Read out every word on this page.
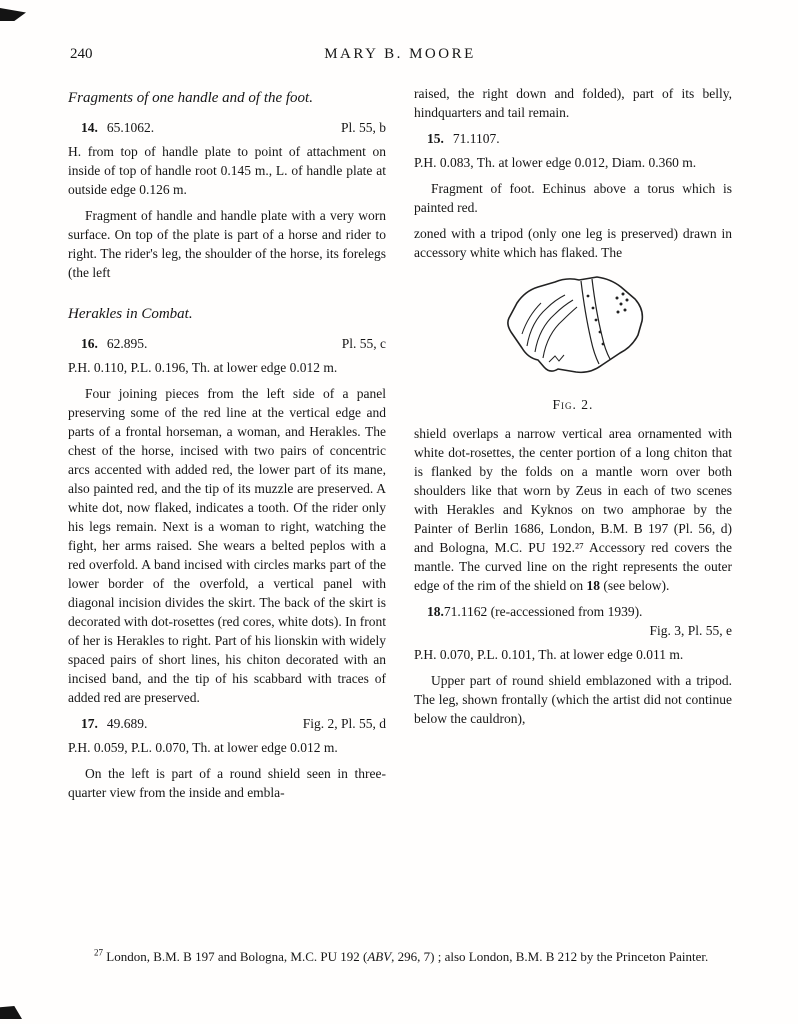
240	MARY B. MOORE
Fragments of one handle and of the foot.
14. 65.1062.	Pl. 55, b

H. from top of handle plate to point of attachment on inside of top of handle root 0.145 m., L. of handle plate at outside edge 0.126 m.

Fragment of handle and handle plate with a very worn surface. On top of the plate is part of a horse and rider to right. The rider's leg, the shoulder of the horse, its forelegs (the left

Herakles in Combat.
16. 62.895.	Pl. 55, c

P.H. 0.110, P.L. 0.196, Th. at lower edge 0.012 m.

Four joining pieces from the left side of a panel preserving some of the red line at the vertical edge and parts of a frontal horseman, a woman, and Herakles. The chest of the horse, incised with two pairs of concentric arcs accented with added red, the lower part of its mane, also painted red, and the tip of its muzzle are preserved. A white dot, now flaked, indicates a tooth. Of the rider only his legs remain. Next is a woman to right, watching the fight, her arms raised. She wears a belted peplos with a red overfold. A band incised with circles marks part of the lower border of the overfold, a vertical panel with diagonal incision divides the skirt. The back of the skirt is decorated with dot-rosettes (red cores, white dots). In front of her is Herakles to right. Part of his lionskin with widely spaced pairs of short lines, his chiton decorated with an incised band, and the tip of his scabbard with traces of added red are preserved.

17. 49.689.	Fig. 2, Pl. 55, d

P.H. 0.059, P.L. 0.070, Th. at lower edge 0.012 m.

On the left is part of a round shield seen in three-quarter view from the inside and embla-

raised, the right down and folded), part of its belly, hindquarters and tail remain.

15. 71.1107.

P.H. 0.083, Th. at lower edge 0.012, Diam. 0.360 m.

Fragment of foot. Echinus above a torus which is painted red.

zoned with a tripod (only one leg is preserved) drawn in accessory white which has flaked. The

Fig. 2.

shield overlaps a narrow vertical area ornamented with white dot-rosettes, the center portion of a long chiton that is flanked by the folds on a mantle worn over both shoulders like that worn by Zeus in each of two scenes with Herakles and Kyknos on two amphorae by the Painter of Berlin 1686, London, B.M. B 197 (Pl. 56, d) and Bologna, M.C. PU 192.²⁷ Accessory red covers the mantle. The curved line on the right represents the outer edge of the rim of the shield on 18 (see below).

18.71.1162 (re-accessioned from 1939).
Fig. 3, Pl. 55, e

P.H. 0.070, P.L. 0.101, Th. at lower edge 0.011 m.

Upper part of round shield emblazoned with a tripod. The leg, shown frontally (which the artist did not continue below the cauldron),

$^{27}$ London, B.M. B 197 and Bologna, M.C. PU 192 (ABV, 296, 7) ; also London, B.M. B 212 by the Princeton Painter.
